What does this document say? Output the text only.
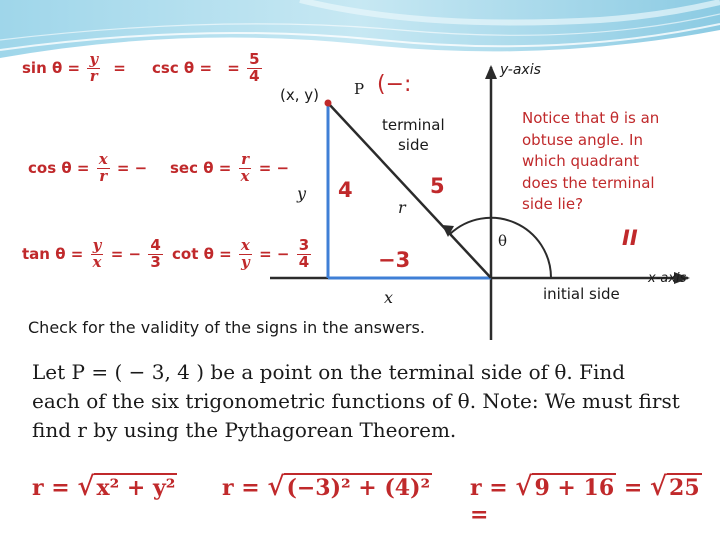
$\sin \theta = \frac{y}{r} = \csc \theta$ = = $\frac{5}{4}$
$\cos \theta = \frac{x}{r}$ = − $\sec \theta = \frac{r}{x}$ = −
$\tan \theta = \frac{y}{x}$ = − $\frac{4}{3}$ $\cot \theta = \frac{x}{y}$ = − $\frac{3}{4}$
P
(x, y)	(−:
y-axis
x-axis
terminal
side
y 4	5
r
θ
−3
x	initial side
II
Notice that θ is an
obtuse angle. In
which quadrant
does the terminal
side lie?
Check for the validity of the signs in the answers.
Let P = ( − 3, 4 ) be a point on the terminal side of θ. Find
each of the six trigonometric functions of θ. Note: We must first
find r by using the Pythagorean Theorem.
r = √x² + y² r = √(−3)² + (4)² r = √9 + 16 = √25 =
